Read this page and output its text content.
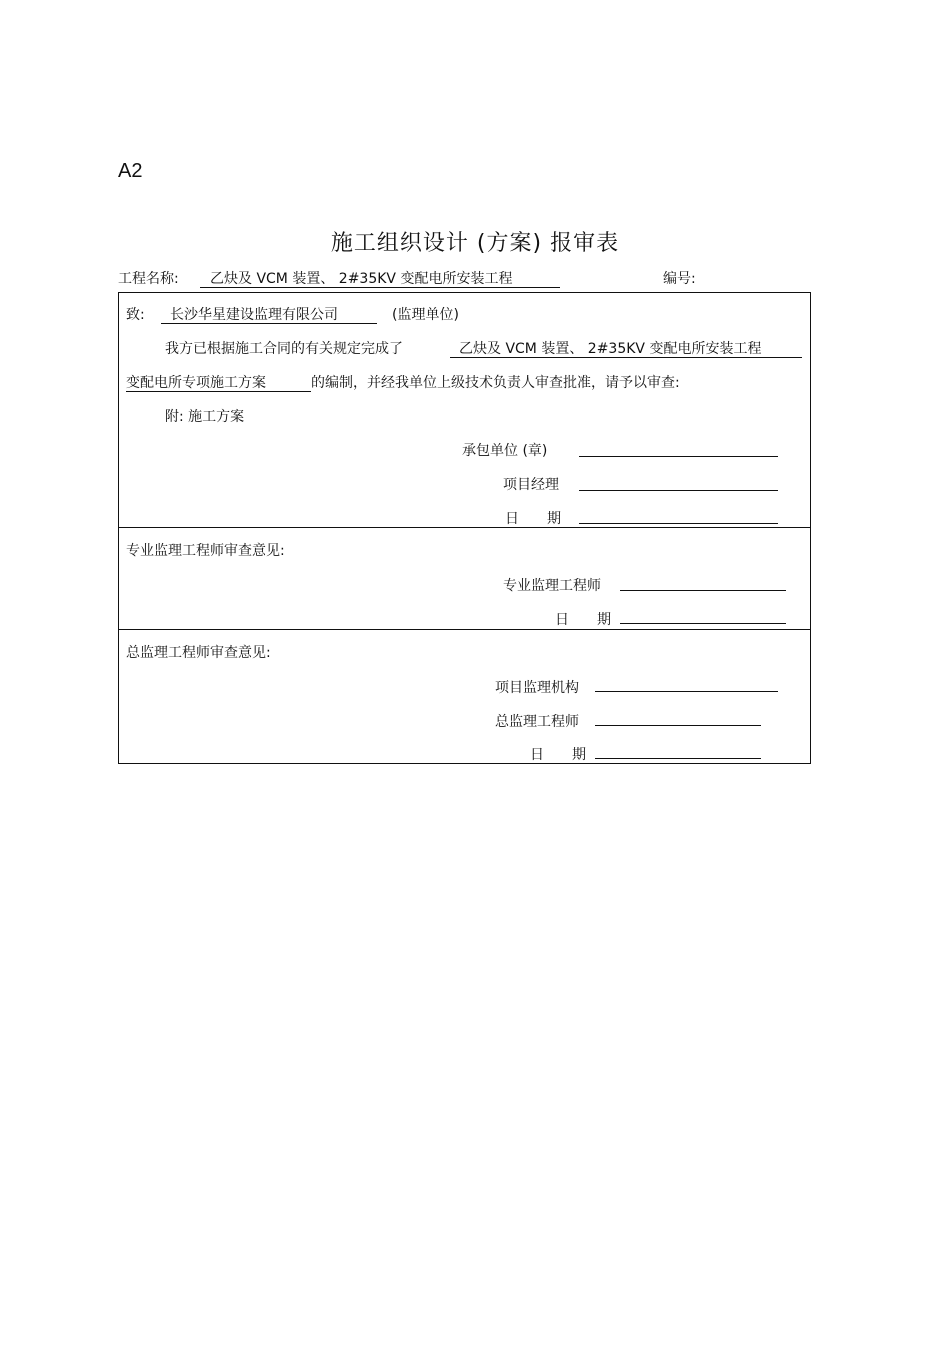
A2
施工组织设计 (方案) 报审表
工程名称: 乙炔及 VCM 装置、 2#35KV 变配电所安装工程	编号:
致: 长沙华星建设监理有限公司	(监理单位)
我方已根据施工合同的有关规定完成了	乙炔及 VCM 装置、 2#35KV 变配电所安装工程
变配电所专项施工方案	的编制，并经我单位上级技术负责人审查批准，请予以审查:
附: 施工方案
承包单位 (章)
项目经理
日　　期
专业监理工程师审查意见:
专业监理工程师
日　　期
总监理工程师审查意见:
项目监理机构
总监理工程师
日　　期
